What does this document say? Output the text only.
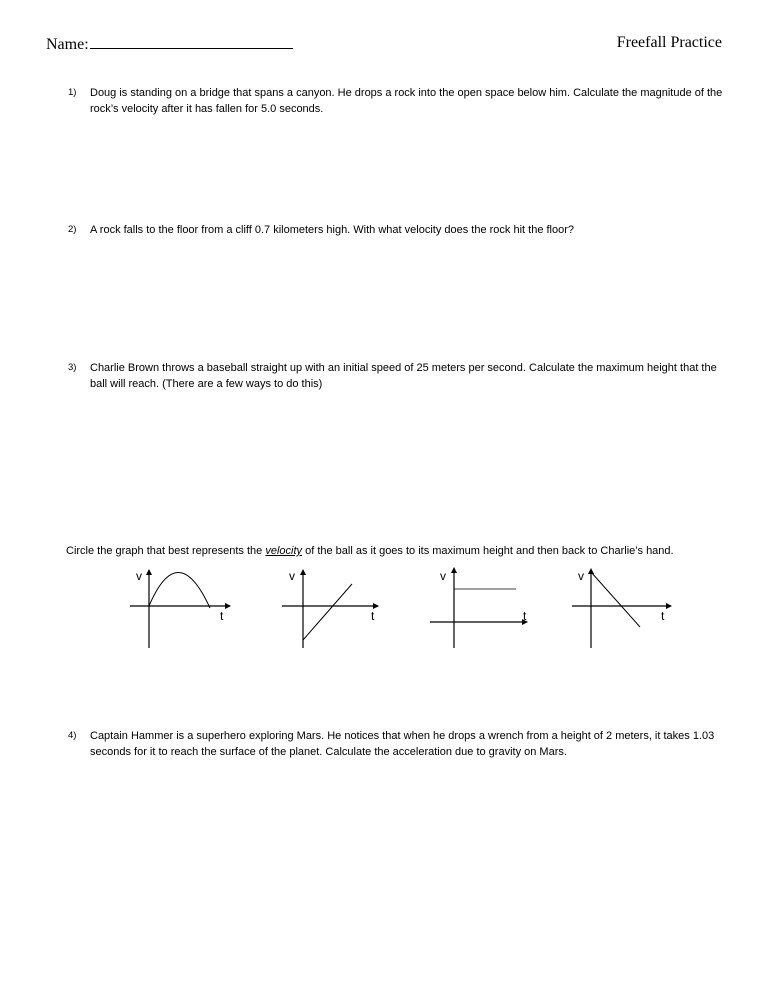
Name:	Freefall Practice
1) Doug is standing on a bridge that spans a canyon. He drops a rock into the open space below him. Calculate the magnitude of the rock’s velocity after it has fallen for 5.0 seconds.
2) A rock falls to the floor from a cliff 0.7 kilometers high. With what velocity does the rock hit the floor?
3) Charlie Brown throws a baseball straight up with an initial speed of 25 meters per second. Calculate the maximum height that the ball will reach. (There are a few ways to do this)
Circle the graph that best represents the velocity of the ball as it goes to its maximum height and then back to Charlie’s hand.
v
t
v
t
v
t
v
t
4) Captain Hammer is a superhero exploring Mars. He notices that when he drops a wrench from a height of 2 meters, it takes 1.03 seconds for it to reach the surface of the planet. Calculate the acceleration due to gravity on Mars.
